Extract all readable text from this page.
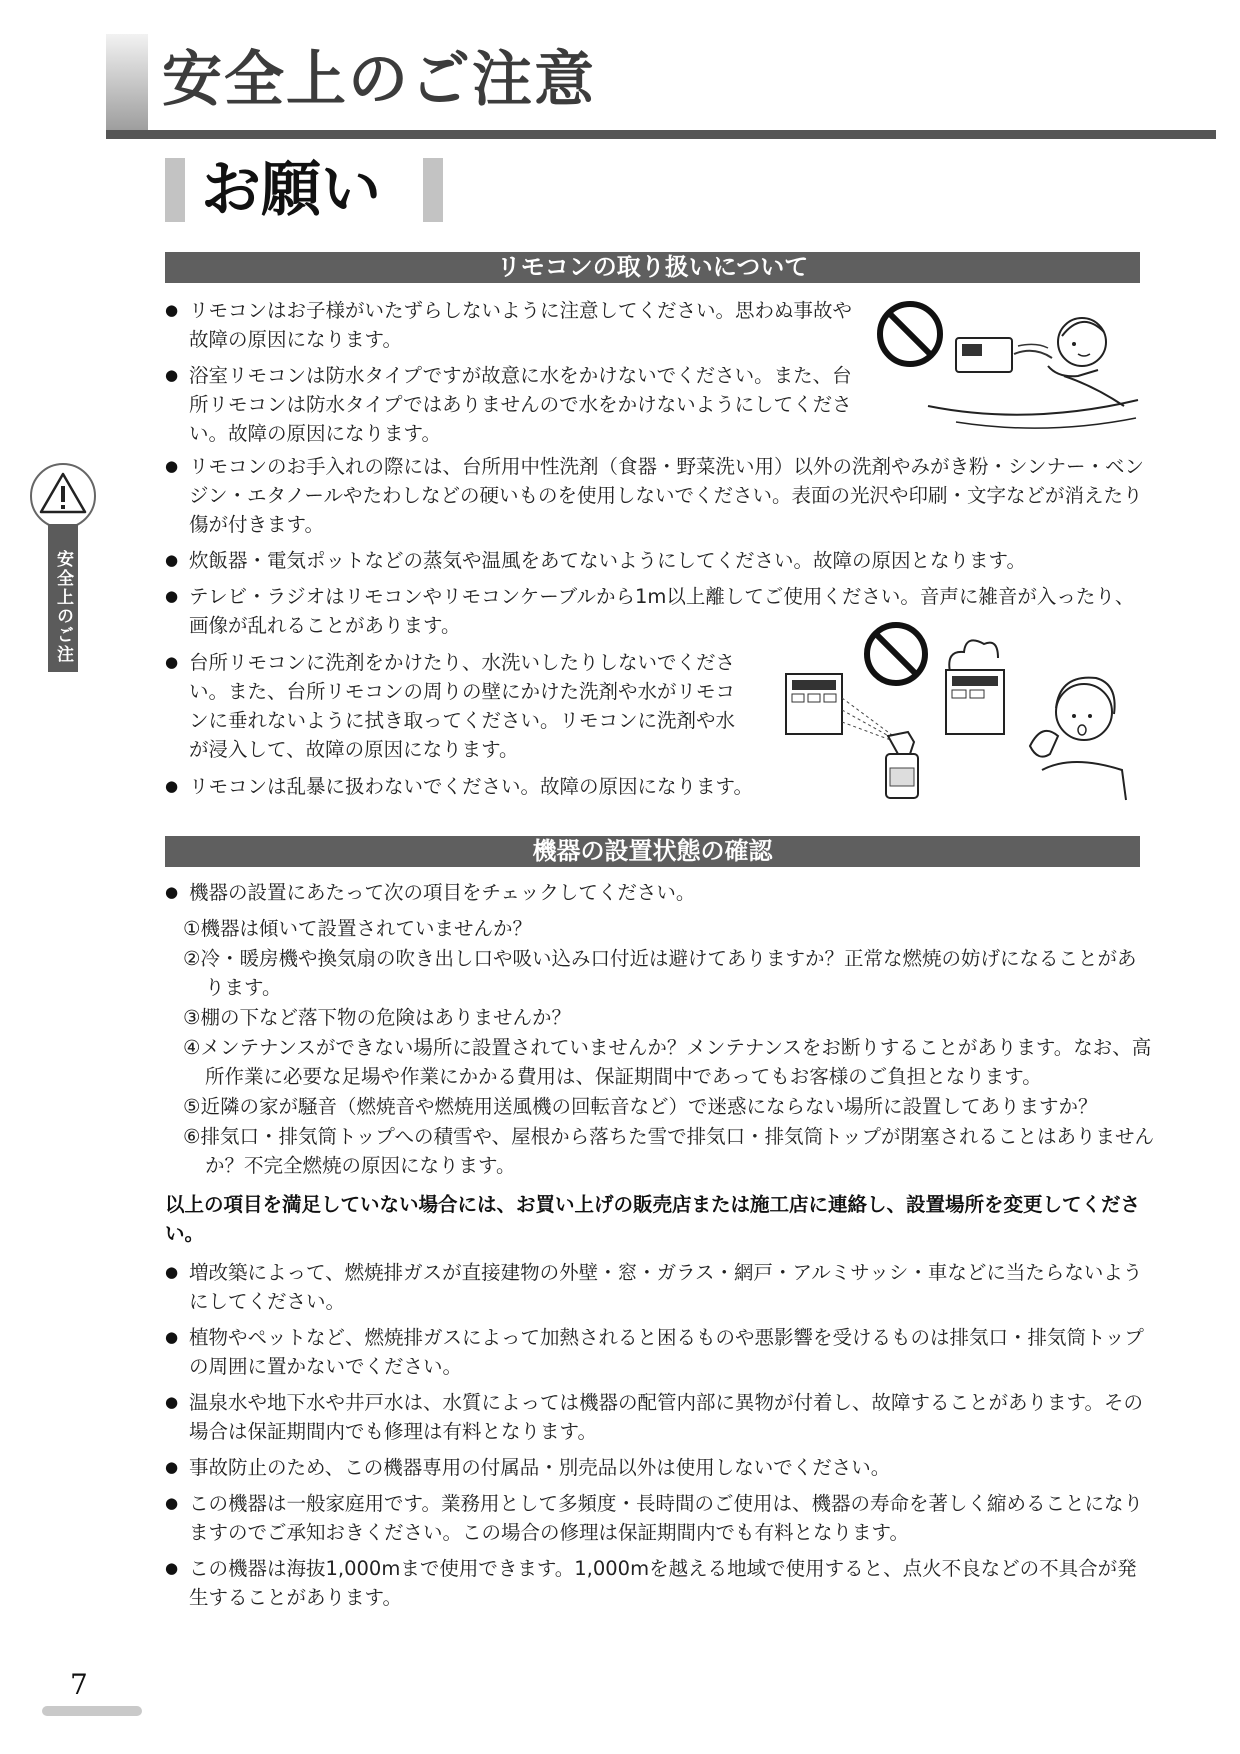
安全上のご注意
お願い
安全上のご注意
リモコンの取り扱いについて

● リモコンはお子様がいたずらしないように注意してください。思わぬ事故や故障の原因になります。

● 浴室リモコンは防水タイプですが故意に水をかけないでください。また、台所リモコンは防水タイプではありませんので水をかけないようにしてください。故障の原因になります。

● リモコンのお手入れの際には、台所用中性洗剤（食器・野菜洗い用）以外の洗剤やみがき粉・シンナー・ベンジン・エタノールやたわしなどの硬いものを使用しないでください。表面の光沢や印刷・文字などが消えたり傷が付きます。

● 炊飯器・電気ポットなどの蒸気や温風をあてないようにしてください。故障の原因となります。

● テレビ・ラジオはリモコンやリモコンケーブルから1m以上離してご使用ください。音声に雑音が入ったり、画像が乱れることがあります。

● 台所リモコンに洗剤をかけたり、水洗いしたりしないでください。また、台所リモコンの周りの壁にかけた洗剤や水がリモコンに垂れないように拭き取ってください。リモコンに洗剤や水が浸入して、故障の原因になります。

● リモコンは乱暴に扱わないでください。故障の原因になります。

機器の設置状態の確認

● 機器の設置にあたって次の項目をチェックしてください。

①機器は傾いて設置されていませんか？

②冷・暖房機や換気扇の吹き出し口や吸い込み口付近は避けてありますか？正常な燃焼の妨げになることがあります。

③棚の下など落下物の危険はありませんか？

④メンテナンスができない場所に設置されていませんか？メンテナンスをお断りすることがあります。なお、高所作業に必要な足場や作業にかかる費用は、保証期間中であってもお客様のご負担となります。

⑤近隣の家が騒音（燃焼音や燃焼用送風機の回転音など）で迷惑にならない場所に設置してありますか？

⑥排気口・排気筒トップへの積雪や、屋根から落ちた雪で排気口・排気筒トップが閉塞されることはありませんか？不完全燃焼の原因になります。

以上の項目を満足していない場合には、お買い上げの販売店または施工店に連絡し、設置場所を変更してください。

● 増改築によって、燃焼排ガスが直接建物の外壁・窓・ガラス・網戸・アルミサッシ・車などに当たらないようにしてください。

● 植物やペットなど、燃焼排ガスによって加熱されると困るものや悪影響を受けるものは排気口・排気筒トップの周囲に置かないでください。

● 温泉水や地下水や井戸水は、水質によっては機器の配管内部に異物が付着し、故障することがあります。その場合は保証期間内でも修理は有料となります。

● 事故防止のため、この機器専用の付属品・別売品以外は使用しないでください。

● この機器は一般家庭用です。業務用として多頻度・長時間のご使用は、機器の寿命を著しく縮めることになりますのでご承知おきください。この場合の修理は保証期間内でも有料となります。

● この機器は海抜1,000mまで使用できます。1,000mを越える地域で使用すると、点火不良などの不具合が発生することがあります。

7
